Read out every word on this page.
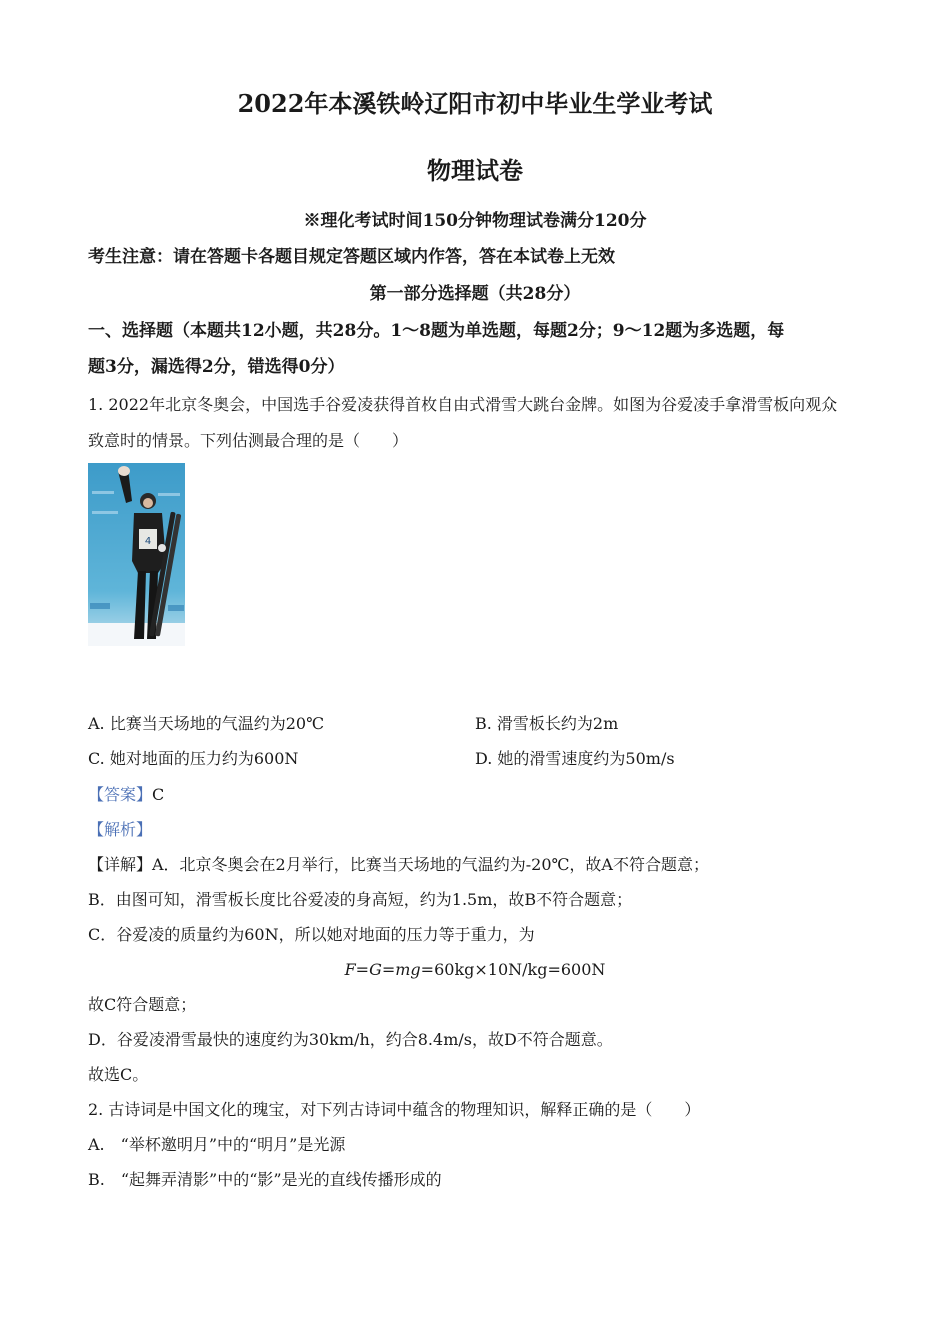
2022年本溪铁岭辽阳市初中毕业生学业考试
物理试卷
※理化考试时间150分钟物理试卷满分120分
考生注意：请在答题卡各题目规定答题区域内作答，答在本试卷上无效
第一部分选择题（共28分）
一、选择题（本题共12小题，共28分。1～8题为单选题，每题2分；9～12题为多选题，每
题3分，漏选得2分，错选得0分）
1. 2022年北京冬奥会，中国选手谷爱凌获得首枚自由式滑雪大跳台金牌。如图为谷爱凌手拿滑雪板向观众
致意时的情景。下列估测最合理的是（　　）
4
A. 比赛当天场地的气温约为20℃	B. 滑雪板长约为2m
C. 她对地面的压力约为600N	D. 她的滑雪速度约为50m/s
【答案】C
【解析】
【详解】A．北京冬奥会在2月举行，比赛当天场地的气温约为-20℃，故A不符合题意；
B．由图可知，滑雪板长度比谷爱凌的身高短，约为1.5m，故B不符合题意；
C．谷爱凌的质量约为60N，所以她对地面的压力等于重力，为
F=G=mg=60kg×10N/kg=600N
故C符合题意；
D．谷爱凌滑雪最快的速度约为30km/h，约合8.4m/s，故D不符合题意。
故选C。
2. 古诗词是中国文化的瑰宝，对下列古诗词中蕴含的物理知识，解释正确的是（　　）
A.　“举杯邀明月”中的“明月”是光源
B.　“起舞弄清影”中的“影”是光的直线传播形成的
